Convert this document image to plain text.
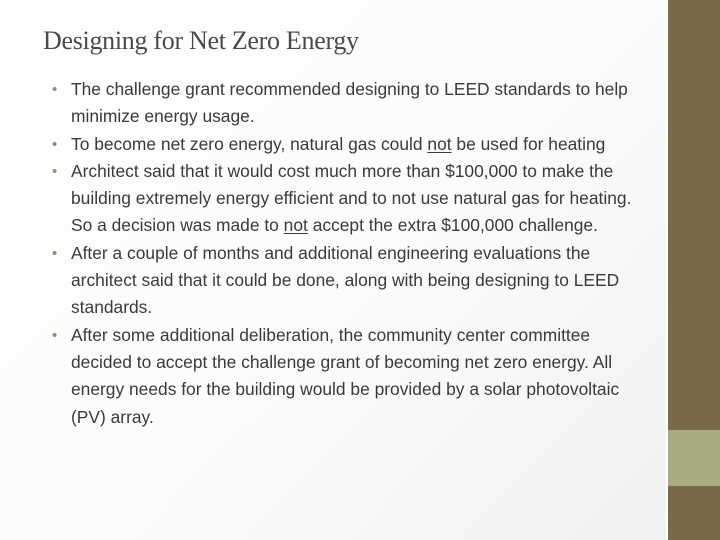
Designing for Net Zero Energy
• The challenge grant recommended designing to LEED standards to help minimize energy usage.
• To become net zero energy, natural gas could not be used for heating
• Architect said that it would cost much more than $100,000 to make the building extremely energy efficient and to not use natural gas for heating. So a decision was made to not accept the extra $100,000 challenge.
• After a couple of months and additional engineering evaluations the architect said that it could be done, along with being designing to LEED standards.
• After some additional deliberation, the community center committee decided to accept the challenge grant of becoming net zero energy. All energy needs for the building would be provided by a solar photovoltaic (PV) array.
